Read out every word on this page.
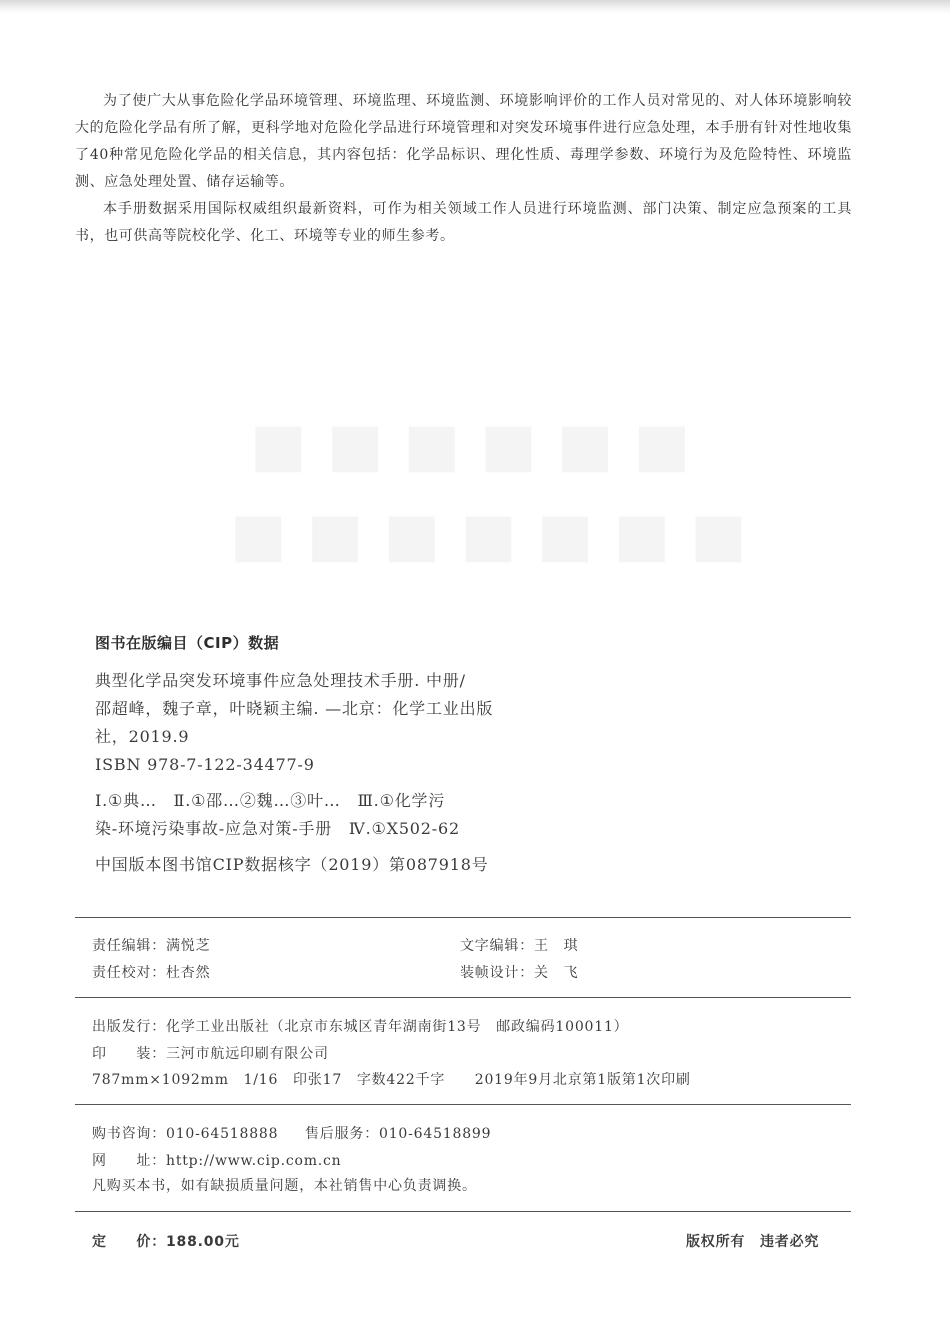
为了使广大从事危险化学品环境管理、环境监理、环境监测、环境影响评价的工作人员对常见的、对人体环境影响较大的危险化学品有所了解，更科学地对危险化学品进行环境管理和对突发环境事件进行应急处理，本手册有针对性地收集了40种常见危险化学品的相关信息，其内容包括：化学品标识、理化性质、毒理学参数、环境行为及危险特性、环境监测、应急处理处置、储存运输等。

本手册数据采用国际权威组织最新资料，可作为相关领域工作人员进行环境监测、部门决策、制定应急预案的工具书，也可供高等院校化学、化工、环境等专业的师生参考。

■■■■■■
■■■■■■■
图书在版编目（CIP）数据
典型化学品突发环境事件应急处理技术手册. 中册/
邵超峰，魏子章，叶晓颖主编. —北京：化学工业出版
社，2019.9
ISBN 978-7-122-34477-9
Ⅰ.①典…　Ⅱ.①邵…②魏…③叶…　Ⅲ.①化学污
染-环境污染事故-应急对策-手册　Ⅳ.①X502-62
中国版本图书馆CIP数据核字（2019）第087918号
责任编辑：满悦芝	文字编辑：王　琪
责任校对：杜杏然	装帧设计：关　飞
出版发行：化学工业出版社（北京市东城区青年湖南街13号　邮政编码100011）
印　　装：三河市航远印刷有限公司
787mm×1092mm　1/16　印张17　字数422千字　　2019年9月北京第1版第1次印刷
购书咨询：010-64518888 售后服务：010-64518899
网　　址：http://www.cip.com.cn
凡购买本书，如有缺损质量问题，本社销售中心负责调换。
定　　价：188.00元	版权所有　违者必究
